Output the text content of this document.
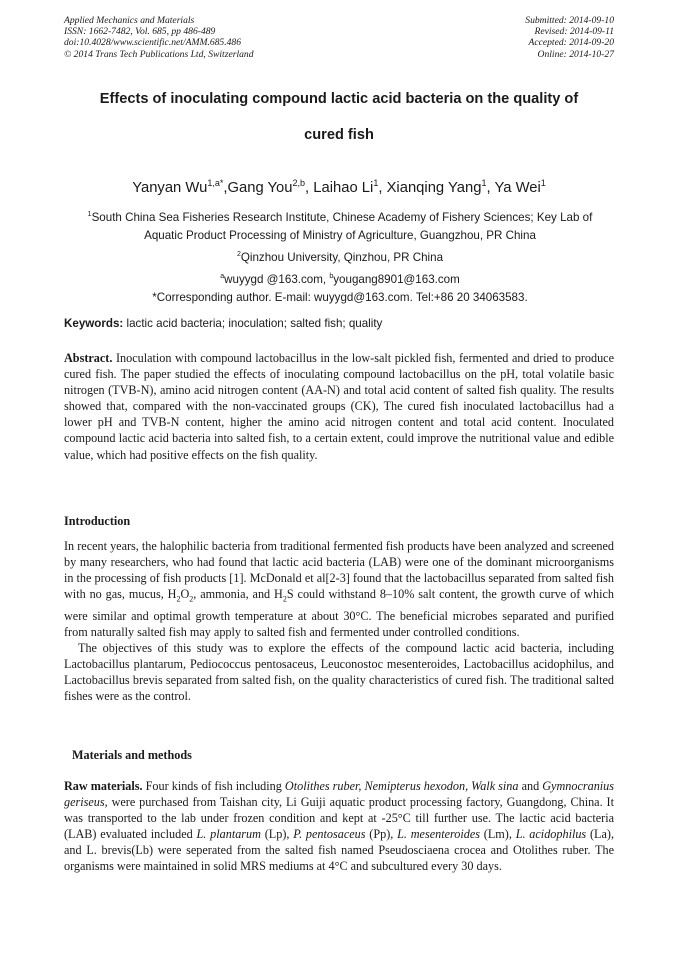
Applied Mechanics and Materials
ISSN: 1662-7482, Vol. 685, pp 486-489
doi:10.4028/www.scientific.net/AMM.685.486
© 2014 Trans Tech Publications Ltd, Switzerland
Submitted: 2014-09-10
Revised: 2014-09-11
Accepted: 2014-09-20
Online: 2014-10-27
Effects of inoculating compound lactic acid bacteria on the quality of
cured fish
Yanyan $Wu^{1,a*},Gang$ You$^{2,b}$, Laihao Li$^1$, Xianqing Yang$^1$, Ya Wei$^1$
$^1$South China Sea Fisheries Research Institute, Chinese Academy of Fishery Sciences; Key Lab of
Aquatic Product Processing of Ministry of Agriculture, Guangzhou, PR China
$^2$Qinzhou University, Qinzhou, PR China
$^a$wuyygd @163.com, $^b$yougang8901@163.com
*Corresponding author. E-mail: wuyygd@163.com. Tel:+86 20 34063583.
Keywords: lactic acid bacteria; inoculation; salted fish; quality

Abstract. Inoculation with compound lactobacillus in the low-salt pickled fish, fermented and dried to produce cured fish. The paper studied the effects of inoculating compound lactobacillus on the pH, total volatile basic nitrogen (TVB-N), amino acid nitrogen content (AA-N) and total acid content of salted fish quality. The results showed that, compared with the non-vaccinated groups (CK), The cured fish inoculated lactobacillus had a lower pH and TVB-N content, higher the amino acid nitrogen content and total acid content. Inoculated compound lactic acid bacteria into salted fish, to a certain extent, could improve the nutritional value and edible value, which had positive effects on the fish quality.

Introduction

In recent years, the halophilic bacteria from traditional fermented fish products have been analyzed and screened by many researchers, who had found that lactic acid bacteria (LAB) were one of the dominant microorganisms in the processing of fish products [1]. McDonald et al[2-3] found that the lactobacillus separated from salted fish with no gas, mucus, $H_2O_2$, ammonia, and $H_2S$ could withstand 8–10% salt content, the growth curve of which were similar and optimal growth temperature at about 30°C. The beneficial microbes separated and purified from naturally salted fish may apply to salted fish and fermented under controlled conditions.

The objectives of this study was to explore the effects of the compound lactic acid bacteria, including Lactobacillus plantarum, Pediococcus pentosaceus, Leuconostoc mesenteroides, Lactobacillus acidophilus, and Lactobacillus brevis separated from salted fish, on the quality characteristics of cured fish. The traditional salted fishes were as the control.

Materials and methods

Raw materials. Four kinds of fish including Otolithes ruber, Nemipterus hexodon, Walk sina and Gymnocranius geriseus, were purchased from Taishan city, Li Guiji aquatic product processing factory, Guangdong, China. It was transported to the lab under frozen condition and kept at -25°C till further use. The lactic acid bacteria (LAB) evaluated included L. plantarum (Lp), P. pentosaceus (Pp), L. mesenteroides (Lm), L. acidophilus (La), and L. brevis(Lb) were seperated from the salted fish named Pseudosciaena crocea and Otolithes ruber. The organisms were maintained in solid MRS mediums at 4°C and subcultured every 30 days.
